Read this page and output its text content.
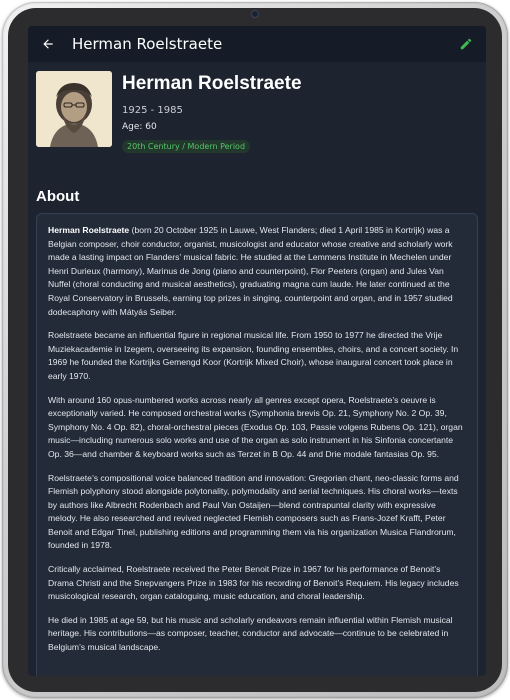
Herman Roelstraete
Herman Roelstraete
1925 - 1985
Age: 60
20th Century / Modern Period
About

Herman Roelstraete (born 20 October 1925 in Lauwe, West Flanders; died 1 April 1985 in Kortrijk) was a Belgian composer, choir conductor, organist, musicologist and educator whose creative and scholarly work made a lasting impact on Flanders’ musical fabric. He studied at the Lemmens Institute in Mechelen under Henri Durieux (harmony), Marinus de Jong (piano and counterpoint), Flor Peeters (organ) and Jules Van Nuffel (choral conducting and musical aesthetics), graduating magna cum laude. He later continued at the Royal Conservatory in Brussels, earning top prizes in singing, counterpoint and organ, and in 1957 studied dodecaphony with Mátyás Seiber.

Roelstraete became an influential figure in regional musical life. From 1950 to 1977 he directed the Vrije Muziekacademie in Izegem, overseeing its expansion, founding ensembles, choirs, and a concert society. In 1969 he founded the Kortrijks Gemengd Koor (Kortrijk Mixed Choir), whose inaugural concert took place in early 1970.

With around 160 opus-numbered works across nearly all genres except opera, Roelstraete’s oeuvre is exceptionally varied. He composed orchestral works (Symphonia brevis Op. 21, Symphony No. 2 Op. 39, Symphony No. 4 Op. 82), choral-orchestral pieces (Exodus Op. 103, Passie volgens Rubens Op. 121), organ music—including numerous solo works and use of the organ as solo instrument in his Sinfonia concertante Op. 36—and chamber & keyboard works such as Terzet in B Op. 44 and Drie modale fantasias Op. 95.

Roelstraete’s compositional voice balanced tradition and innovation: Gregorian chant, neo-classic forms and Flemish polyphony stood alongside polytonality, polymodality and serial techniques. His choral works—texts by authors like Albrecht Rodenbach and Paul Van Ostaijen—blend contrapuntal clarity with expressive melody. He also researched and revived neglected Flemish composers such as Frans-Jozef Krafft, Peter Benoit and Edgar Tinel, publishing editions and programming them via his organization Musica Flandrorum, founded in 1978.

Critically acclaimed, Roelstraete received the Peter Benoit Prize in 1967 for his performance of Benoit’s Drama Christi and the Snepvangers Prize in 1983 for his recording of Benoit’s Requiem. His legacy includes musicological research, organ cataloguing, music education, and choral leadership.

He died in 1985 at age 59, but his music and scholarly endeavors remain influential within Flemish musical heritage. His contributions—as composer, teacher, conductor and advocate—continue to be celebrated in Belgium’s musical landscape.
